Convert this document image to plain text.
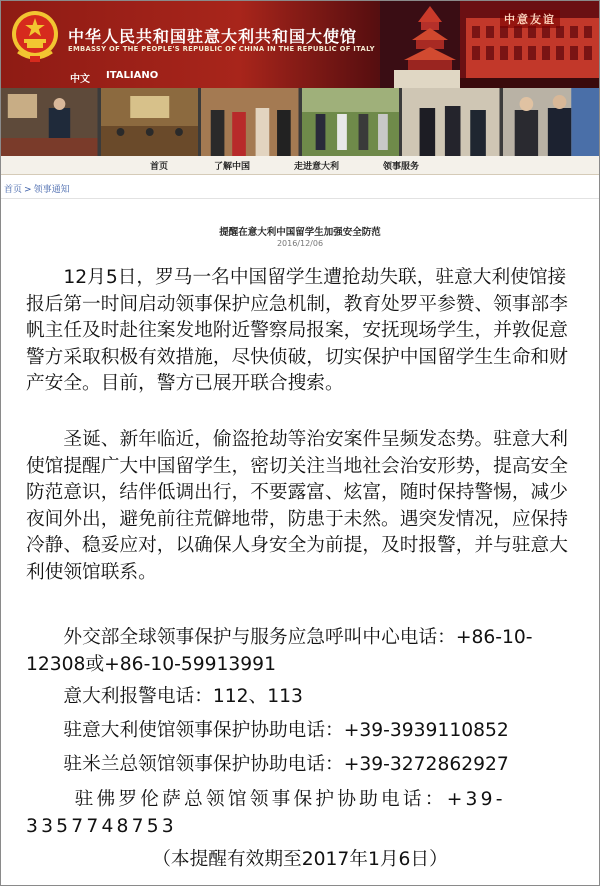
中华人民共和国驻意大利共和国大使馆
EMBASSY OF THE PEOPLE'S REPUBLIC OF CHINA IN THE REPUBLIC OF ITALY
中文 ITALIANO
中意友谊
首页	了解中国	走进意大利	领事服务
首页 > 领事通知
提醒在意大利中国留学生加强安全防范
2016/12/06

12月5日，罗马一名中国留学生遭抢劫失联，驻意大利使馆接报后第一时间启动领事保护应急机制，教育处罗平参赞、领事部李帆主任及时赴往案发地附近警察局报案，安抚现场学生，并敦促意警方采取积极有效措施，尽快侦破，切实保护中国留学生生命和财产安全。目前，警方已展开联合搜索。

圣诞、新年临近，偷盗抢劫等治安案件呈频发态势。驻意大利使馆提醒广大中国留学生，密切关注当地社会治安形势，提高安全防范意识，结伴低调出行，不要露富、炫富，随时保持警惕，减少夜间外出，避免前往荒僻地带，防患于未然。遇突发情况，应保持冷静、稳妥应对，以确保人身安全为前提，及时报警，并与驻意大利使领馆联系。

外交部全球领事保护与服务应急呼叫中心电话：+86-10-12308或+86-10-59913991

意大利报警电话：112、113

驻意大利使馆领事保护协助电话：+39-3939110852

驻米兰总领馆领事保护协助电话：+39-3272862927

驻佛罗伦萨总领馆领事保护协助电话：+39-3357748753

（本提醒有效期至2017年1月6日）
